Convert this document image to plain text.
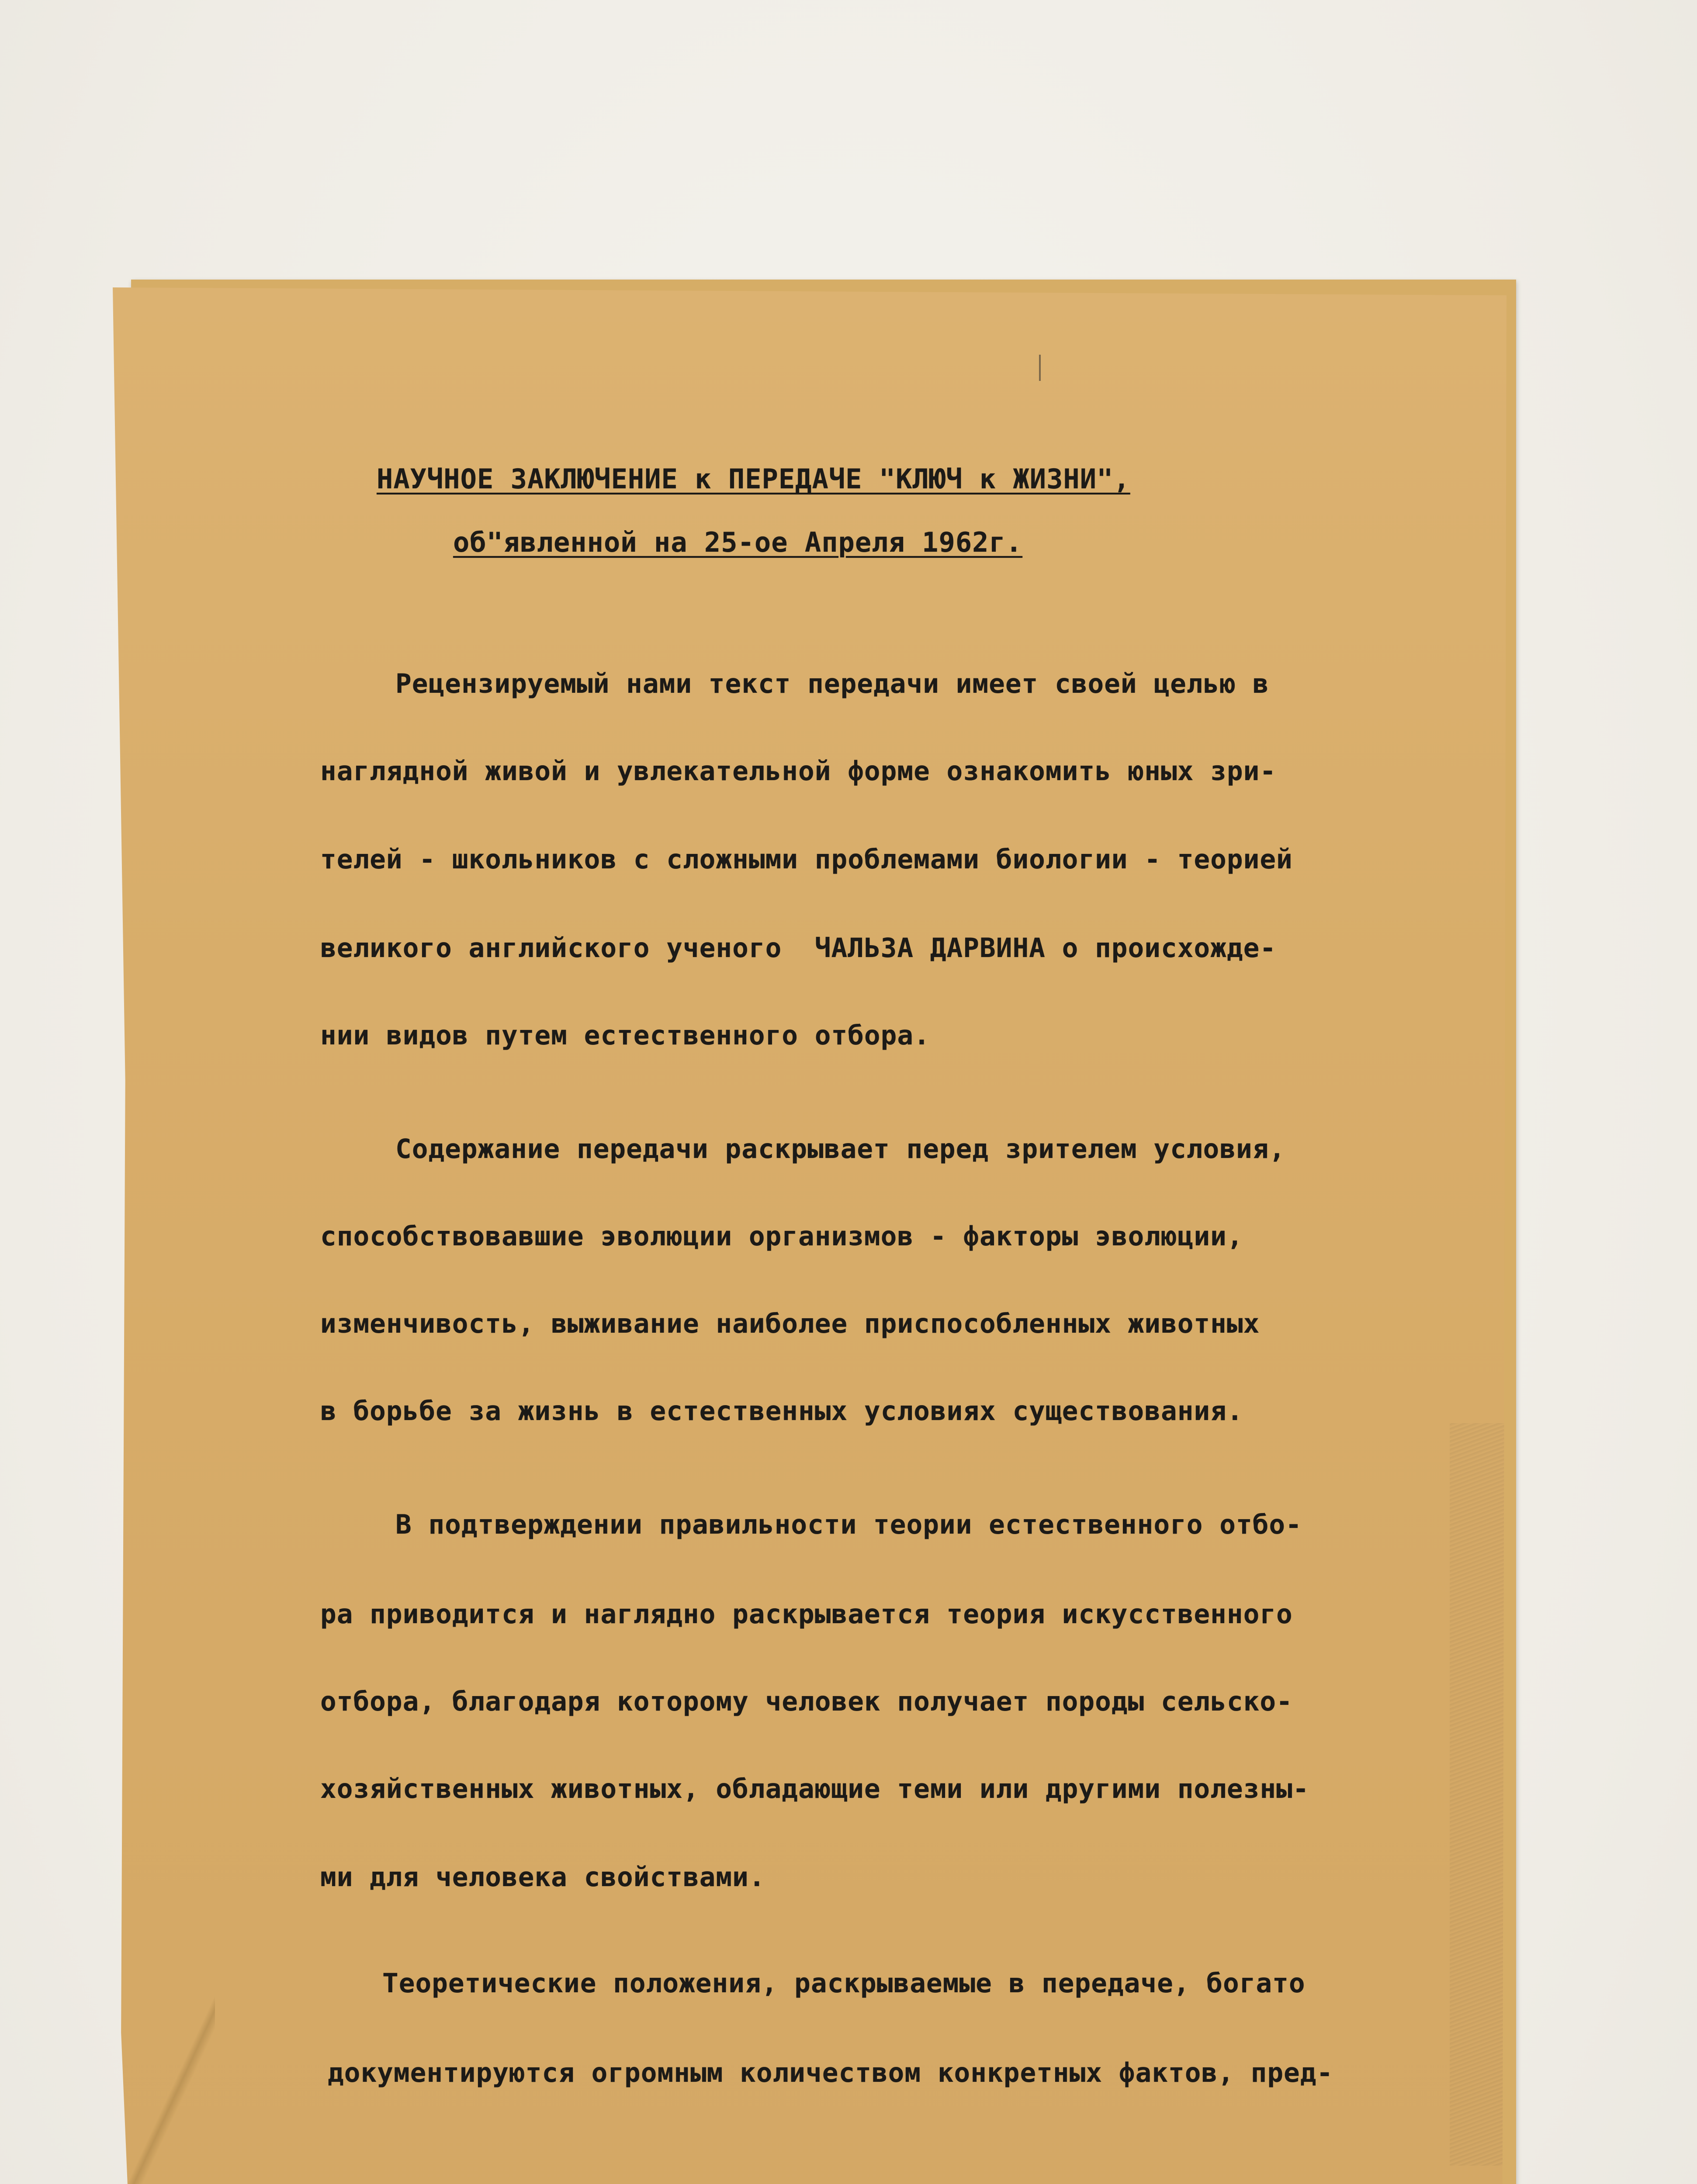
НАУЧНОЕ ЗАКЛЮЧЕНИЕ к ПЕРЕДАЧЕ "КЛЮЧ к ЖИЗНИ",
об"явленной на 25-ое Апреля 1962г.
Рецензируемый нами текст передачи имеет своей целью в
наглядной живой и увлекательной форме ознакомить юных зри-
телей - школьников с сложными проблемами биологии - теорией
великого английского ученого  ЧАЛЬЗА ДАРВИНА о происхожде-
нии видов путем естественного отбора.
Содержание передачи раскрывает перед зрителем условия,
способствовавшие эволюции организмов - факторы эволюции,
изменчивость, выживание наиболее приспособленных животных
в борьбе за жизнь в естественных условиях существования.
В подтверждении правильности теории естественного отбо-
ра приводится и наглядно раскрывается теория искусственного
отбора, благодаря которому человек получает породы сельско-
хозяйственных животных, обладающие теми или другими полезны-
ми для человека свойствами.
Теоретические положения, раскрываемые в передаче, богато
документируются огромным количеством конкретных фактов, пред-
